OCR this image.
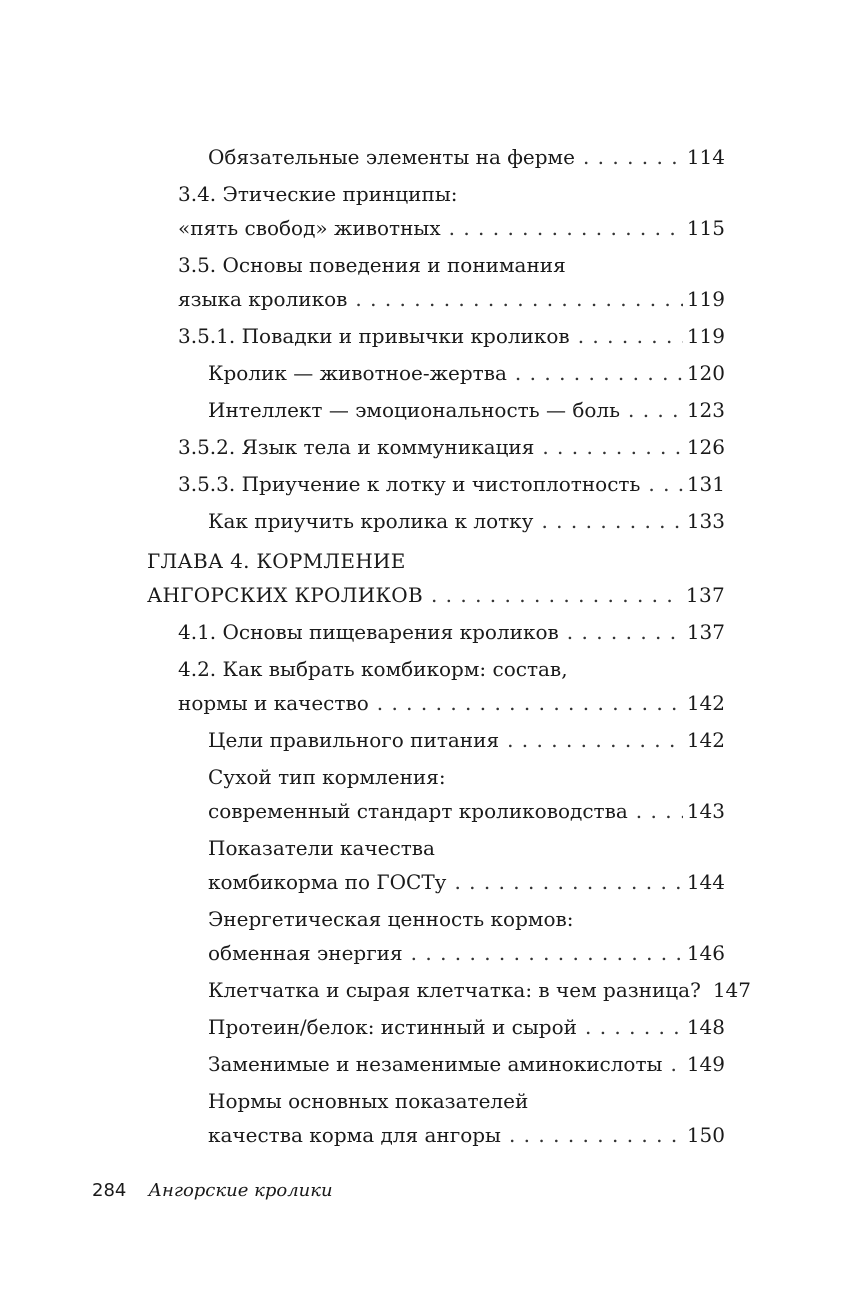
Обязательные элементы на ферме . . .	114
3.4. Этические принципы:
«пять свобод» животных . . .	115
3.5. Основы поведения и понимания
языка кроликов . . .	119
3.5.1. Повадки и привычки кроликов . . .	119
Кролик — животное-жертва . . .	120
Интеллект — эмоциональность — боль . . .	123
3.5.2. Язык тела и коммуникация . . .	126
3.5.3. Приучение к лотку и чистоплотность . . . 131
Как приучить кролика к лотку . . .	133
ГЛАВА 4. КОРМЛЕНИЕ
АНГОРСКИХ КРОЛИКОВ . . .	137
4.1. Основы пищеварения кроликов . . .	137
4.2. Как выбрать комбикорм: состав,
нормы и качество . . .	142
Цели правильного питания . . .	142
Сухой тип кормления:
современный стандарт кролиководства . . .	143
Показатели качества
комбикорма по ГОСТу . . .	144
Энергетическая ценность кормов:
обменная энергия . . .	146
Клетчатка и сырая клетчатка: в чем разница? 147
Протеин/белок: истинный и сырой . . .	148
Заменимые и незаменимые аминокислоты . . . 149
Нормы основных показателей
качества корма для ангоры . . .	150
284 Ангорские кролики
